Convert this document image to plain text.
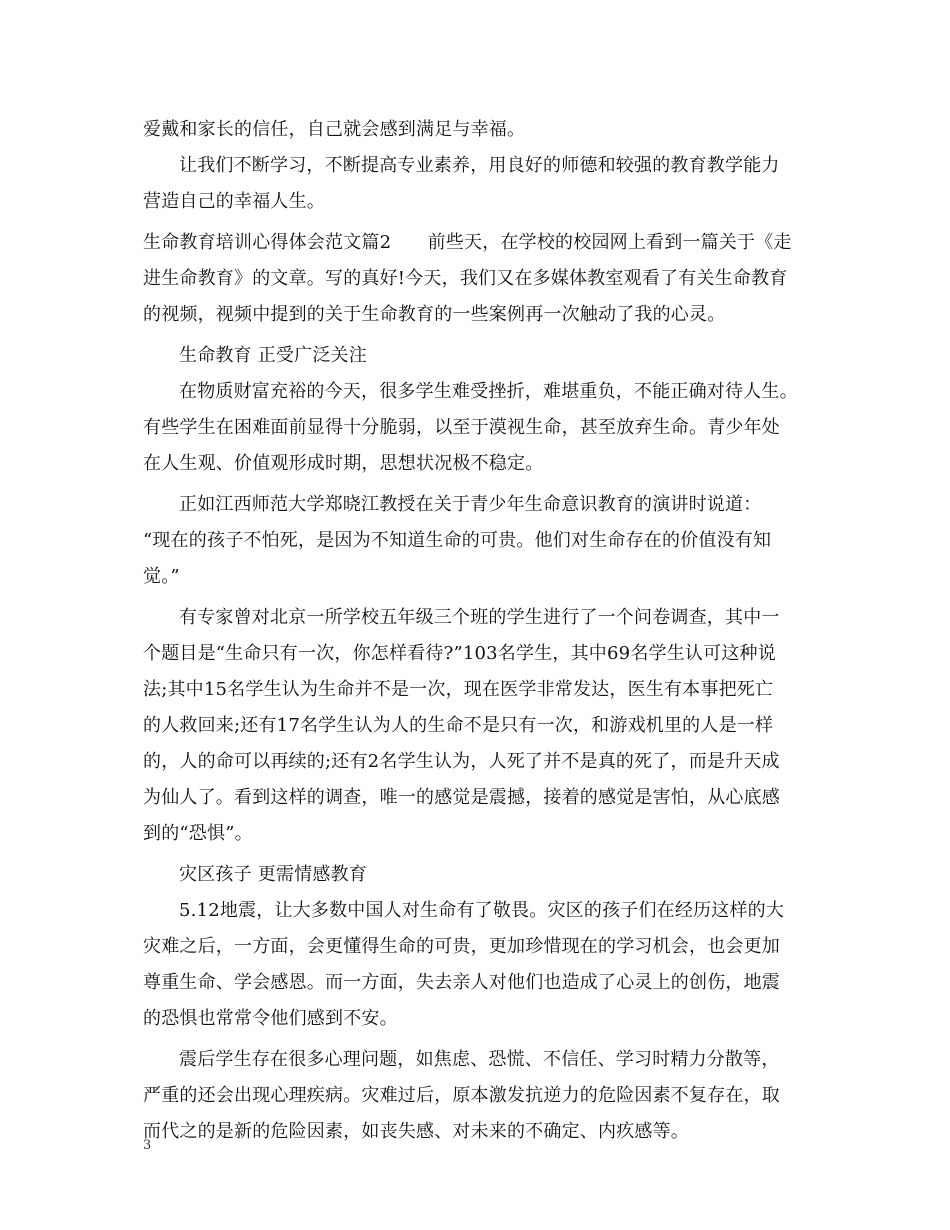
爱戴和家长的信任，自己就会感到满足与幸福。
让我们不断学习，不断提高专业素养，用良好的师德和较强的教育教学能力
营造自己的幸福人生。
生命教育培训心得体会范文篇2　　前些天，在学校的校园网上看到一篇关于《走
进生命教育》的文章。写的真好!今天，我们又在多媒体教室观看了有关生命教育
的视频，视频中提到的关于生命教育的一些案例再一次触动了我的心灵。
生命教育 正受广泛关注
在物质财富充裕的今天，很多学生难受挫折，难堪重负，不能正确对待人生。
有些学生在困难面前显得十分脆弱，以至于漠视生命，甚至放弃生命。青少年处
在人生观、价值观形成时期，思想状况极不稳定。
正如江西师范大学郑晓江教授在关于青少年生命意识教育的演讲时说道：
“现在的孩子不怕死，是因为不知道生命的可贵。他们对生命存在的价值没有知
觉。”
有专家曾对北京一所学校五年级三个班的学生进行了一个问卷调查，其中一
个题目是“生命只有一次，你怎样看待?”103名学生，其中69名学生认可这种说
法;其中15名学生认为生命并不是一次，现在医学非常发达，医生有本事把死亡
的人救回来;还有17名学生认为人的生命不是只有一次，和游戏机里的人是一样
的，人的命可以再续的;还有2名学生认为，人死了并不是真的死了，而是升天成
为仙人了。看到这样的调查，唯一的感觉是震撼，接着的感觉是害怕，从心底感
到的“恐惧”。
灾区孩子 更需情感教育
5.12地震，让大多数中国人对生命有了敬畏。灾区的孩子们在经历这样的大
灾难之后，一方面，会更懂得生命的可贵，更加珍惜现在的学习机会，也会更加
尊重生命、学会感恩。而一方面，失去亲人对他们也造成了心灵上的创伤，地震
的恐惧也常常令他们感到不安。
震后学生存在很多心理问题，如焦虑、恐慌、不信任、学习时精力分散等，
严重的还会出现心理疾病。灾难过后，原本激发抗逆力的危险因素不复存在，取
而代之的是新的危险因素，如丧失感、对未来的不确定、内疚感等。
3
